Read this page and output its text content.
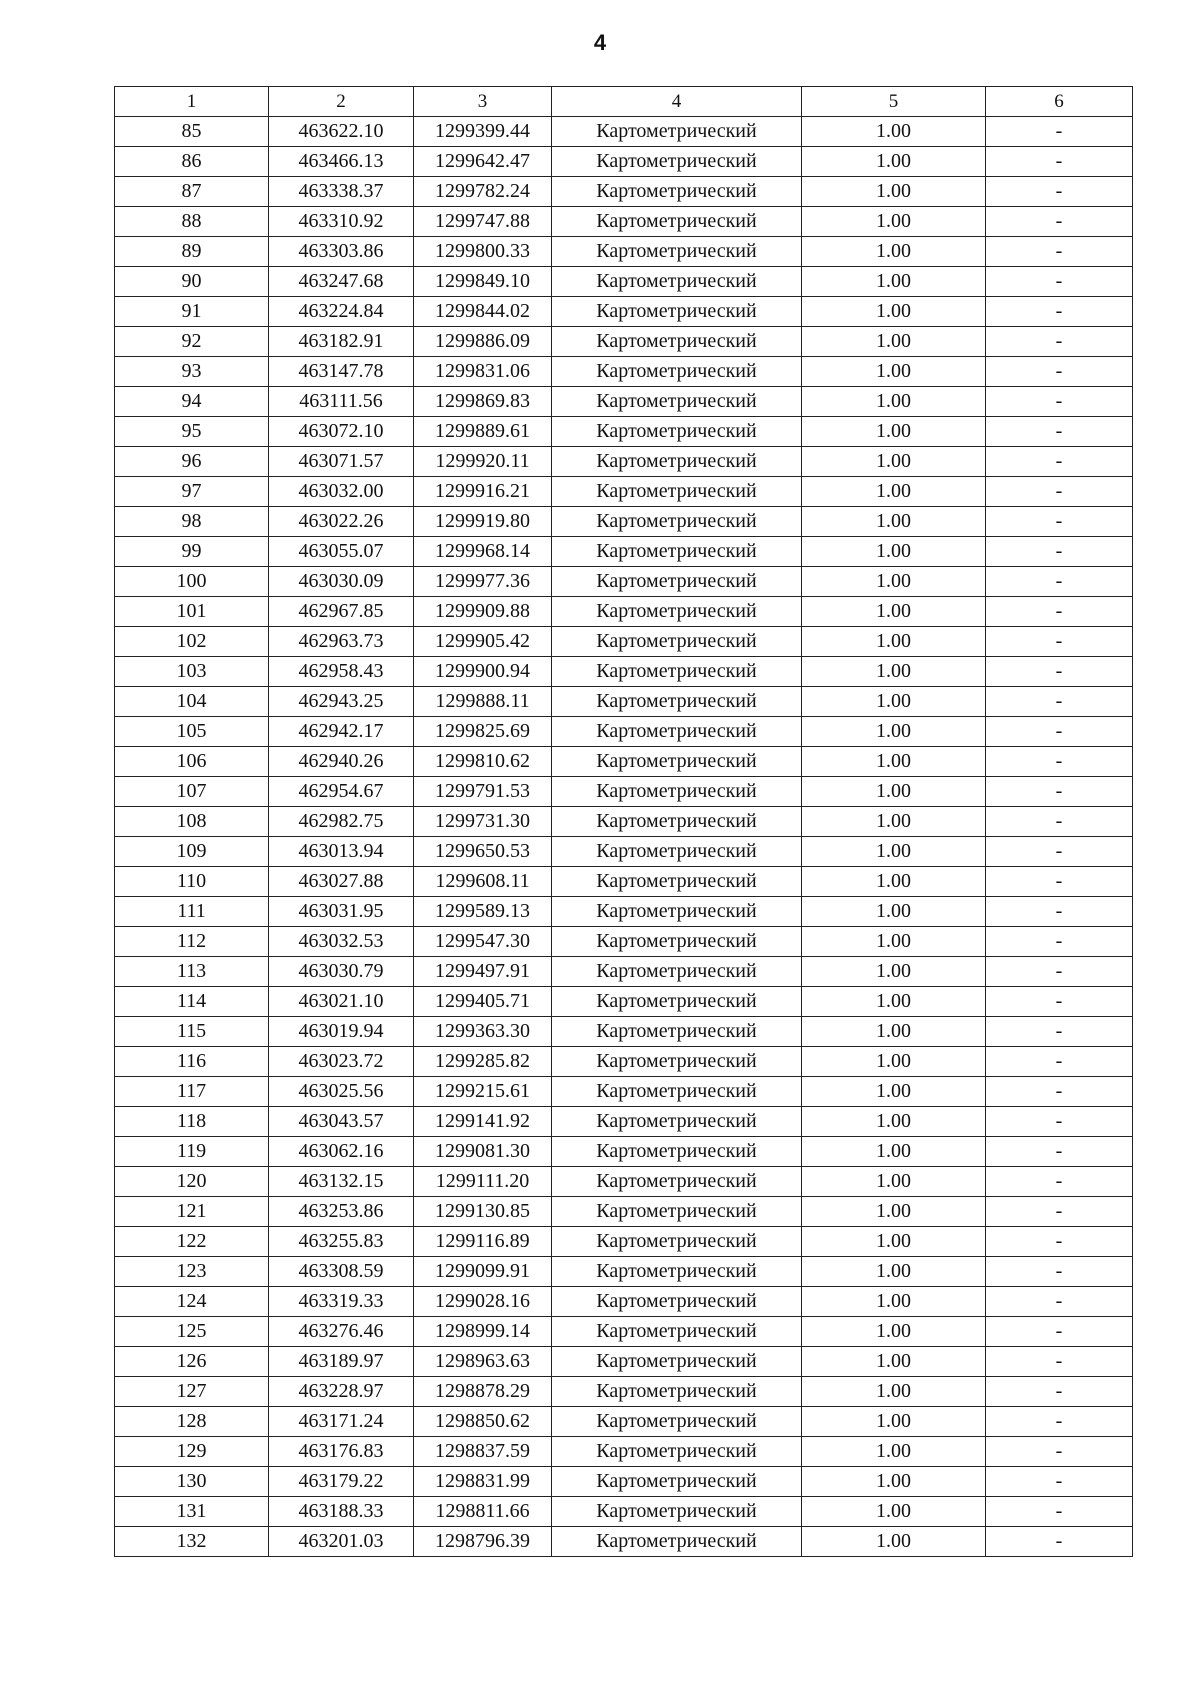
4
1	2	3	4	5	6
85	463622.10	1299399.44	Картометрический	1.00	-
86	463466.13	1299642.47	Картометрический	1.00	-
87	463338.37	1299782.24	Картометрический	1.00	-
88	463310.92	1299747.88	Картометрический	1.00	-
89	463303.86	1299800.33	Картометрический	1.00	-
90	463247.68	1299849.10	Картометрический	1.00	-
91	463224.84	1299844.02	Картометрический	1.00	-
92	463182.91	1299886.09	Картометрический	1.00	-
93	463147.78	1299831.06	Картометрический	1.00	-
94	463111.56	1299869.83	Картометрический	1.00	-
95	463072.10	1299889.61	Картометрический	1.00	-
96	463071.57	1299920.11	Картометрический	1.00	-
97	463032.00	1299916.21	Картометрический	1.00	-
98	463022.26	1299919.80	Картометрический	1.00	-
99	463055.07	1299968.14	Картометрический	1.00	-
100	463030.09	1299977.36	Картометрический	1.00	-
101	462967.85	1299909.88	Картометрический	1.00	-
102	462963.73	1299905.42	Картометрический	1.00	-
103	462958.43	1299900.94	Картометрический	1.00	-
104	462943.25	1299888.11	Картометрический	1.00	-
105	462942.17	1299825.69	Картометрический	1.00	-
106	462940.26	1299810.62	Картометрический	1.00	-
107	462954.67	1299791.53	Картометрический	1.00	-
108	462982.75	1299731.30	Картометрический	1.00	-
109	463013.94	1299650.53	Картометрический	1.00	-
110	463027.88	1299608.11	Картометрический	1.00	-
111	463031.95	1299589.13	Картометрический	1.00	-
112	463032.53	1299547.30	Картометрический	1.00	-
113	463030.79	1299497.91	Картометрический	1.00	-
114	463021.10	1299405.71	Картометрический	1.00	-
115	463019.94	1299363.30	Картометрический	1.00	-
116	463023.72	1299285.82	Картометрический	1.00	-
117	463025.56	1299215.61	Картометрический	1.00	-
118	463043.57	1299141.92	Картометрический	1.00	-
119	463062.16	1299081.30	Картометрический	1.00	-
120	463132.15	1299111.20	Картометрический	1.00	-
121	463253.86	1299130.85	Картометрический	1.00	-
122	463255.83	1299116.89	Картометрический	1.00	-
123	463308.59	1299099.91	Картометрический	1.00	-
124	463319.33	1299028.16	Картометрический	1.00	-
125	463276.46	1298999.14	Картометрический	1.00	-
126	463189.97	1298963.63	Картометрический	1.00	-
127	463228.97	1298878.29	Картометрический	1.00	-
128	463171.24	1298850.62	Картометрический	1.00	-
129	463176.83	1298837.59	Картометрический	1.00	-
130	463179.22	1298831.99	Картометрический	1.00	-
131	463188.33	1298811.66	Картометрический	1.00	-
132	463201.03	1298796.39	Картометрический	1.00	-
